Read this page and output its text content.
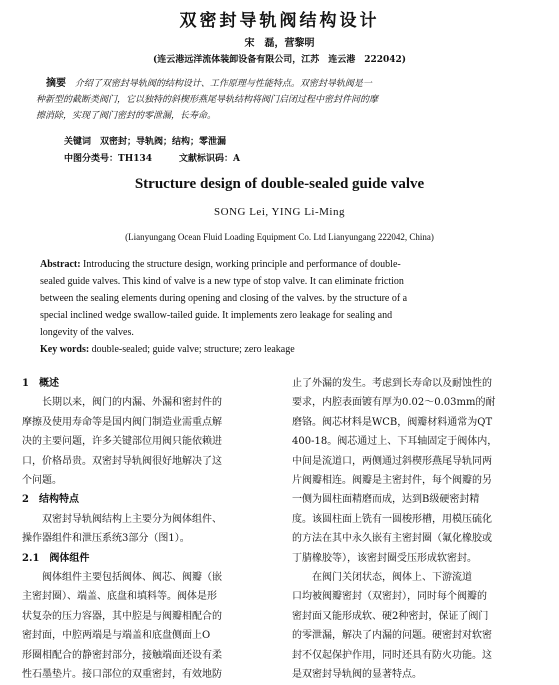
双密封导轨阀结构设计
宋　磊，营黎明
(连云港远洋流体装卸设备有限公司，江苏　连云港　222042)
摘要 介绍了双密封导轨阀的结构设计、工作原理与性能特点。双密封导轨阀是一
种新型的截断类阀门，它以独特的斜楔形燕尾导轨结构将阀门启闭过程中密封件间的摩
擦消除，实现了阀门密封的零泄漏，长寿命。
关键词　双密封；导轨阀；结构；零泄漏
中图分类号：TH134　　　文献标识码：A
Structure design of double-sealed guide valve
SONG Lei, YING Li-Ming
(Lianyungang Ocean Fluid Loading Equipment Co. Ltd Lianyungang 222042, China)
Abstract: Introducing the structure design, working principle and performance of double-
sealed guide valves. This kind of valve is a new type of stop valve. It can eliminate friction
between the sealing elements during opening and closing of the valves. by the structure of a
special inclined wedge swallow-tailed guide. It implements zero leakage for sealing and
longevity of the valves.
Key words: double-sealed; guide valve; structure; zero leakage
1　概述
　　长期以来，阀门的内漏、外漏和密封件的
摩擦及使用寿命等是国内阀门制造业需重点解
决的主要问题，许多关键部位用阀只能依赖进
口，价格昂贵。双密封导轨阀很好地解决了这
个问题。
2　结构特点
　　双密封导轨阀结构上主要分为阀体组件、
操作器组件和泄压系统3部分（图1）。
2.1　阀体组件
　　阀体组件主要包括阀体、阀芯、阀瓣（嵌
主密封圈）、端盖、底盘和填料等。阀体是形
状复杂的压力容器，其中腔是与阀瓣相配合的
密封面，中腔两端是与端盖和底盘侧面上O
形圈相配合的静密封部分，接触端面还设有柔
性石墨垫片。接口部位的双重密封，有效地防
止了外漏的发生。考虑到长寿命以及耐蚀性的
要求，内腔表面镀有厚为0.02～0.03mm的耐
磨铬。阀芯材料是WCB，阀瓣材料通常为QT
400-18。阀芯通过上、下耳轴固定于阀体内，
中间是流道口，两侧通过斜楔形燕尾导轨同两
片阀瓣相连。阀瓣是主密封件，每个阀瓣的另
一侧为圆柱面精磨而成，达到B级硬密封精
度。该圆柱面上铣有一圆梭形槽，用模压硫化
的方法在其中永久嵌有主密封圈（氟化橡胶或
丁腈橡胶等），该密封圈受压形成软密封。
　　在阀门关闭状态，阀体上、下游流道
口均被阀瓣密封（双密封），同时每个阀瓣的
密封面又能形成软、硬2种密封，保证了阀门
的零泄漏，解决了内漏的问题。硬密封对软密
封不仅起保护作用，同时还具有防火功能。这
是双密封导轨阀的显著特点。
